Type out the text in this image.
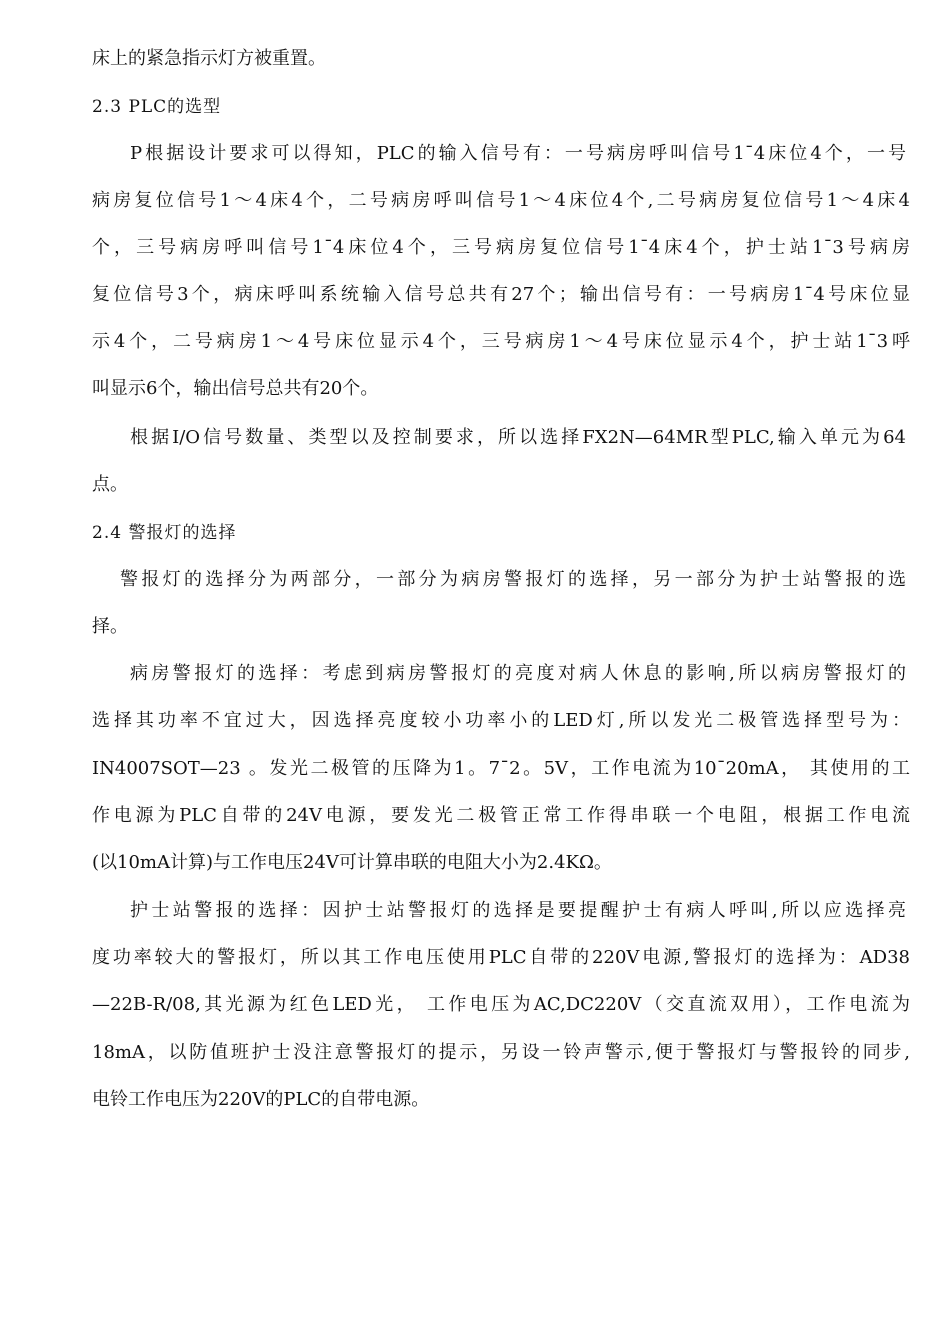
床上的紧急指示灯方被重置。
2.3 PLC的选型
P根据设计要求可以得知，PLC的输入信号有：一号病房呼叫信号1¯4床位4个，一号
病房复位信号1～4床4个，二号病房呼叫信号1～4床位4个,二号病房复位信号1～4床4
个，三号病房呼叫信号1¯4床位4个，三号病房复位信号1¯4床4个，护士站1¯3号病房
复位信号3个，病床呼叫系统输入信号总共有27个；输出信号有：一号病房1¯4号床位显
示4个，二号病房1～4号床位显示4个，三号病房1～4号床位显示4个，护士站1¯3呼
叫显示6个，输出信号总共有20个。
根据I/O信号数量、类型以及控制要求，所以选择FX2N—64MR型PLC,输入单元为64
点。
2.4 警报灯的选择
警报灯的选择分为两部分，一部分为病房警报灯的选择，另一部分为护士站警报的选
择。
病房警报灯的选择：考虑到病房警报灯的亮度对病人休息的影响,所以病房警报灯的
选择其功率不宜过大，因选择亮度较小功率小的LED灯,所以发光二极管选择型号为：
IN4007SOT—23 。发光二极管的压降为1。7¯2。5V，工作电流为10¯20mA， 其使用的工
作电源为PLC自带的24V电源，要发光二极管正常工作得串联一个电阻，根据工作电流
(以10mA计算)与工作电压24V可计算串联的电阻大小为2.4KΩ。
护士站警报的选择：因护士站警报灯的选择是要提醒护士有病人呼叫,所以应选择亮
度功率较大的警报灯，所以其工作电压使用PLC自带的220V电源,警报灯的选择为：AD38
—22B-R/08,其光源为红色LED光， 工作电压为AC,DC220V（交直流双用），工作电流为
18mA，以防值班护士没注意警报灯的提示，另设一铃声警示,便于警报灯与警报铃的同步,
电铃工作电压为220V的PLC的自带电源。
